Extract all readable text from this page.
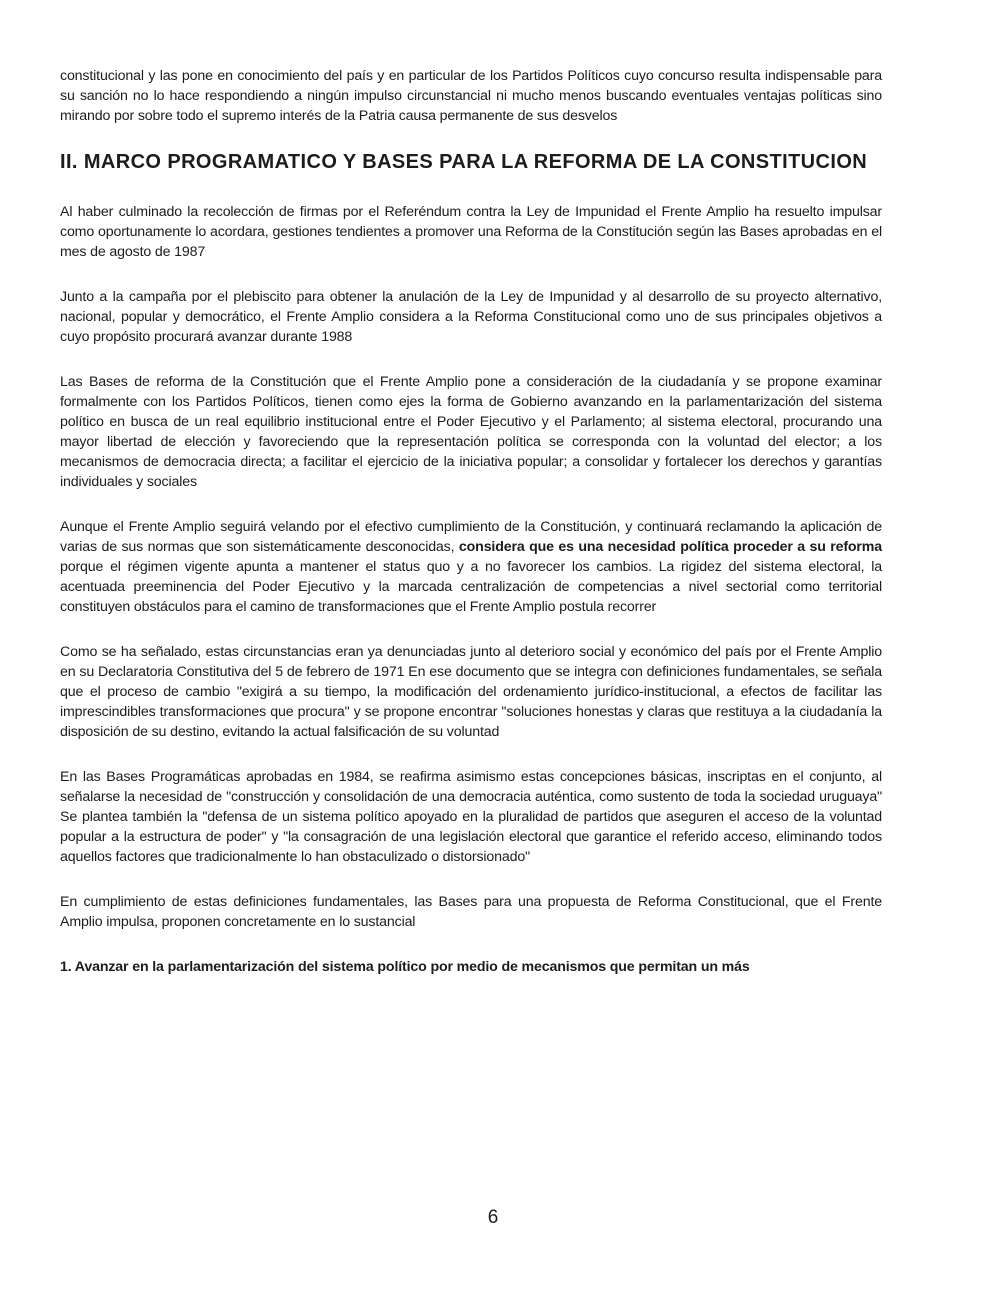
constitucional y las pone en conocimiento del país y en particular de los Partidos Políticos cuyo concurso resulta indispensable para su sanción no lo hace respondiendo a ningún impulso circunstancial ni mucho menos buscando eventuales ventajas políticas sino mirando por sobre todo el supremo interés de la Patria causa permanente de sus desvelos

II. MARCO PROGRAMATICO Y BASES PARA LA REFORMA DE LA CONSTITUCION

Al haber culminado la recolección de firmas por el Referéndum contra la Ley de Impunidad el Frente Amplio ha resuelto impulsar como oportunamente lo acordara, gestiones tendientes a promover una Reforma de la Constitución según las Bases aprobadas en el mes de agosto de 1987

Junto a la campaña por el plebiscito para obtener la anulación de la Ley de Impunidad y al desarrollo de su proyecto alternativo, nacional, popular y democrático, el Frente Amplio considera a la Reforma Constitucional como uno de sus principales objetivos a cuyo propósito procurará avanzar durante 1988

Las Bases de reforma de la Constitución que el Frente Amplio pone a consideración de la ciudadanía y se propone examinar formalmente con los Partidos Políticos, tienen como ejes la forma de Gobierno avanzando en la parlamentarización del sistema político en busca de un real equilibrio institucional entre el Poder Ejecutivo y el Parlamento; al sistema electoral, procurando una mayor libertad de elección y favoreciendo que la representación política se corresponda con la voluntad del elector; a los mecanismos de democracia directa; a facilitar el ejercicio de la iniciativa popular; a consolidar y fortalecer los derechos y garantías individuales y sociales

Aunque el Frente Amplio seguirá velando por el efectivo cumplimiento de la Constitución, y continuará reclamando la aplicación de varias de sus normas que son sistemáticamente desconocidas, considera que es una necesidad política proceder a su reforma porque el régimen vigente apunta a mantener el status quo y a no favorecer los cambios. La rigidez del sistema electoral, la acentuada preeminencia del Poder Ejecutivo y la marcada centralización de competencias a nivel sectorial como territorial constituyen obstáculos para el camino de transformaciones que el Frente Amplio postula recorrer

Como se ha señalado, estas circunstancias eran ya denunciadas junto al deterioro social y económico del país por el Frente Amplio en su Declaratoria Constitutiva del 5 de febrero de 1971 En ese documento que se integra con definiciones fundamentales, se señala que el proceso de cambio "exigirá a su tiempo, la modificación del ordenamiento jurídico-institucional, a efectos de facilitar las imprescindibles transformaciones que procura" y se propone encontrar "soluciones honestas y claras que restituya a la ciudadanía la disposición de su destino, evitando la actual falsificación de su voluntad

En las Bases Programáticas aprobadas en 1984, se reafirma asimismo estas concepciones básicas, inscriptas en el conjunto, al señalarse la necesidad de "construcción y consolidación de una democracia auténtica, como sustento de toda la sociedad uruguaya" Se plantea también la "defensa de un sistema político apoyado en la pluralidad de partidos que aseguren el acceso de la voluntad popular a la estructura de poder" y "la consagración de una legislación electoral que garantice el referido acceso, eliminando todos aquellos factores que tradicionalmente lo han obstaculizado o distorsionado"

En cumplimiento de estas definiciones fundamentales, las Bases para una propuesta de Reforma Constitucional, que el Frente Amplio impulsa, proponen concretamente en lo sustancial

1. Avanzar en la parlamentarización del sistema político por medio de mecanismos que permitan un más

6
